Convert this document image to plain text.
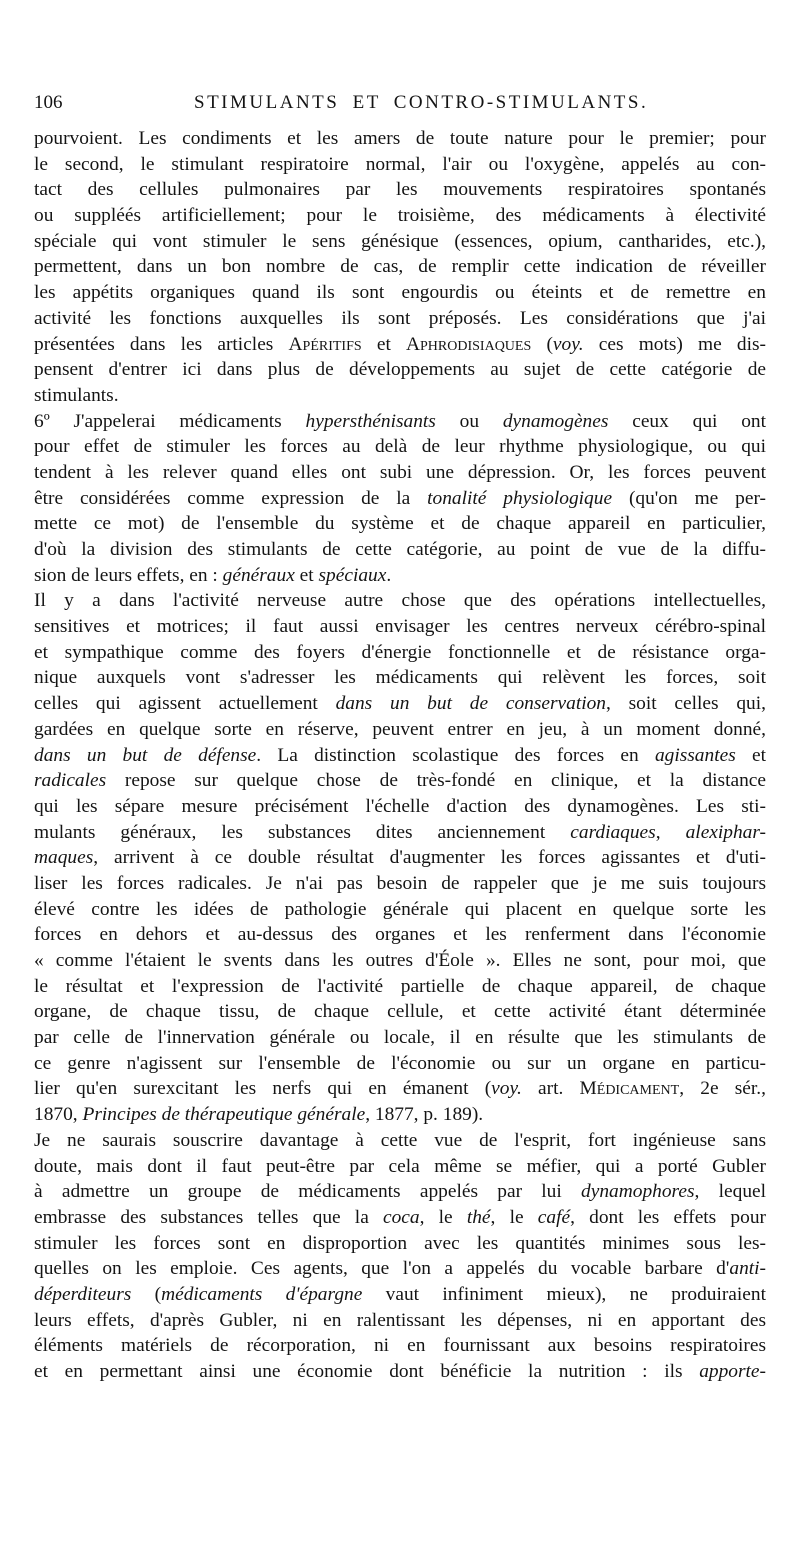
106	STIMULANTS ET CONTRO-STIMULANTS.
pourvoient. Les condiments et les amers de toute nature pour le premier; pour
le second, le stimulant respiratoire normal, l'air ou l'oxygène, appelés au con-
tact des cellules pulmonaires par les mouvements respiratoires spontanés
ou suppléés artificiellement; pour le troisième, des médicaments à électivité
spéciale qui vont stimuler le sens génésique (essences, opium, cantharides, etc.),
permettent, dans un bon nombre de cas, de remplir cette indication de réveiller
les appétits organiques quand ils sont engourdis ou éteints et de remettre en
activité les fonctions auxquelles ils sont préposés. Les considérations que j'ai
présentées dans les articles Apéritifs et Aphrodisiaques (voy. ces mots) me dis-
pensent d'entrer ici dans plus de développements au sujet de cette catégorie de
stimulants.
6º J'appelerai médicaments hypersthénisants ou dynamogènes ceux qui ont
pour effet de stimuler les forces au delà de leur rhythme physiologique, ou qui
tendent à les relever quand elles ont subi une dépression. Or, les forces peuvent
être considérées comme expression de la tonalité physiologique (qu'on me per-
mette ce mot) de l'ensemble du système et de chaque appareil en particulier,
d'où la division des stimulants de cette catégorie, au point de vue de la diffu-
sion de leurs effets, en : généraux et spéciaux.
Il y a dans l'activité nerveuse autre chose que des opérations intellectuelles,
sensitives et motrices; il faut aussi envisager les centres nerveux cérébro-spinal
et sympathique comme des foyers d'énergie fonctionnelle et de résistance orga-
nique auxquels vont s'adresser les médicaments qui relèvent les forces, soit
celles qui agissent actuellement dans un but de conservation, soit celles qui,
gardées en quelque sorte en réserve, peuvent entrer en jeu, à un moment donné,
dans un but de défense. La distinction scolastique des forces en agissantes et
radicales repose sur quelque chose de très-fondé en clinique, et la distance
qui les sépare mesure précisément l'échelle d'action des dynamogènes. Les sti-
mulants généraux, les substances dites anciennement cardiaques, alexiphar-
maques, arrivent à ce double résultat d'augmenter les forces agissantes et d'uti-
liser les forces radicales. Je n'ai pas besoin de rappeler que je me suis toujours
élevé contre les idées de pathologie générale qui placent en quelque sorte les
forces en dehors et au-dessus des organes et les renferment dans l'économie
« comme l'étaient le svents dans les outres d'Éole ». Elles ne sont, pour moi, que
le résultat et l'expression de l'activité partielle de chaque appareil, de chaque
organe, de chaque tissu, de chaque cellule, et cette activité étant déterminée
par celle de l'innervation générale ou locale, il en résulte que les stimulants de
ce genre n'agissent sur l'ensemble de l'économie ou sur un organe en particu-
lier qu'en surexcitant les nerfs qui en émanent (voy. art. Médicament, 2e sér.,
1870, Principes de thérapeutique générale, 1877, p. 189).
Je ne saurais souscrire davantage à cette vue de l'esprit, fort ingénieuse sans
doute, mais dont il faut peut-être par cela même se méfier, qui a porté Gubler
à admettre un groupe de médicaments appelés par lui dynamophores, lequel
embrasse des substances telles que la coca, le thé, le café, dont les effets pour
stimuler les forces sont en disproportion avec les quantités minimes sous les-
quelles on les emploie. Ces agents, que l'on a appelés du vocable barbare d'anti-
déperditeurs (médicaments d'épargne vaut infiniment mieux), ne produiraient
leurs effets, d'après Gubler, ni en ralentissant les dépenses, ni en apportant des
éléments matériels de récorporation, ni en fournissant aux besoins respiratoires
et en permettant ainsi une économie dont bénéficie la nutrition : ils apporte-
